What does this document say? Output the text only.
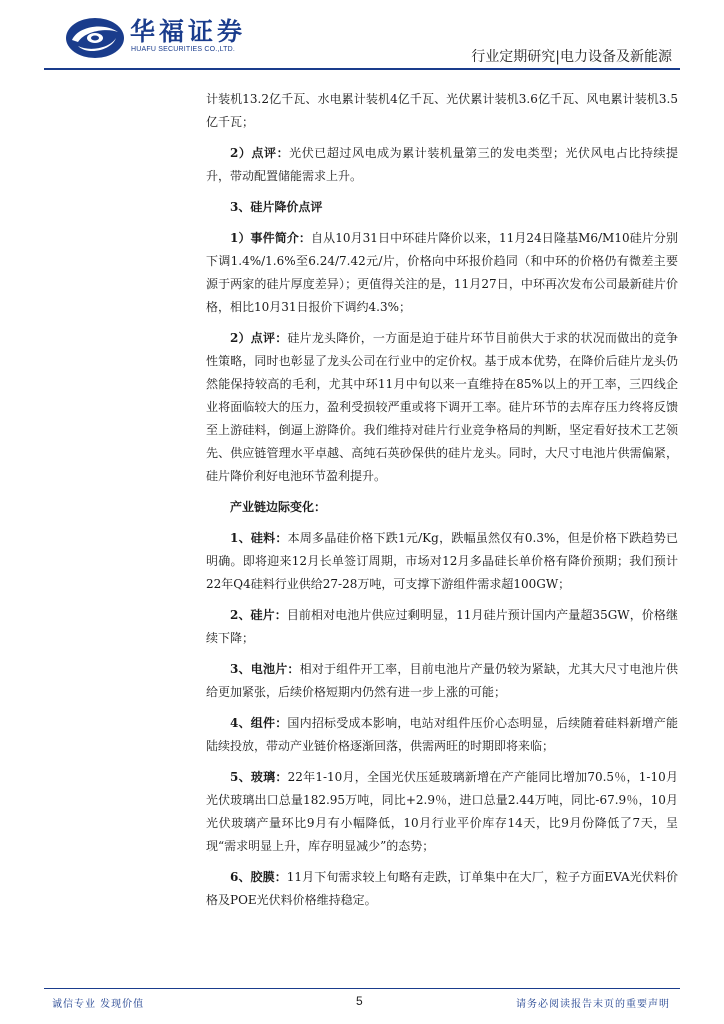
华福证券
HUAFU SECURITIES CO.,LTD.	行业定期研究|电力设备及新能源

计装机13.2亿千瓦、水电累计装机4亿千瓦、光伏累计装机3.6亿千瓦、风电累计装机3.5亿千瓦；

2）点评：光伏已超过风电成为累计装机量第三的发电类型；光伏风电占比持续提升，带动配置储能需求上升。

3、硅片降价点评

1）事件简介：自从10月31日中环硅片降价以来，11月24日隆基M6/M10硅片分别下调1.4%/1.6%至6.24/7.42元/片，价格向中环报价趋同（和中环的价格仍有微差主要源于两家的硅片厚度差异）；更值得关注的是，11月27日，中环再次发布公司最新硅片价格，相比10月31日报价下调约4.3%；

2）点评：硅片龙头降价，一方面是迫于硅片环节目前供大于求的状况而做出的竞争性策略，同时也彰显了龙头公司在行业中的定价权。基于成本优势，在降价后硅片龙头仍然能保持较高的毛利，尤其中环11月中旬以来一直维持在85%以上的开工率，三四线企业将面临较大的压力，盈利受损较严重或将下调开工率。硅片环节的去库存压力终将反馈至上游硅料，倒逼上游降价。我们维持对硅片行业竞争格局的判断，坚定看好技术工艺领先、供应链管理水平卓越、高纯石英砂保供的硅片龙头。同时，大尺寸电池片供需偏紧，硅片降价利好电池环节盈利提升。

产业链边际变化：

1、硅料：本周多晶硅价格下跌1元/Kg，跌幅虽然仅有0.3%，但是价格下跌趋势已明确。即将迎来12月长单签订周期，市场对12月多晶硅长单价格有降价预期；我们预计22年Q4硅料行业供给27-28万吨，可支撑下游组件需求超100GW；

2、硅片：目前相对电池片供应过剩明显，11月硅片预计国内产量超35GW，价格继续下降；

3、电池片：相对于组件开工率，目前电池片产量仍较为紧缺，尤其大尺寸电池片供给更加紧张，后续价格短期内仍然有进一步上涨的可能；

4、组件：国内招标受成本影响，电站对组件压价心态明显，后续随着硅料新增产能陆续投放，带动产业链价格逐渐回落，供需两旺的时期即将来临；

5、玻璃：22年1-10月，全国光伏压延玻璃新增在产产能同比增加70.5％，1-10月光伏玻璃出口总量182.95万吨，同比+2.9％，进口总量2.44万吨，同比-67.9％，10月光伏玻璃产量环比9月有小幅降低，10月行业平价库存14天，比9月份降低了7天，呈现“需求明显上升，库存明显减少”的态势；

6、胶膜：11月下旬需求较上旬略有走跌，订单集中在大厂，粒子方面EVA光伏料价格及POE光伏料价格维持稳定。

诚信专业 发现价值	5	请务必阅读报告末页的重要声明
